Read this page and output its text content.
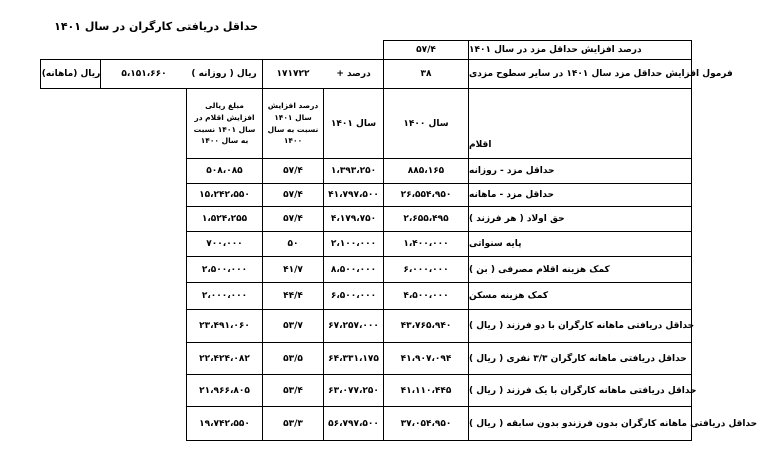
حداقل دریافتی کارگران در سال ۱۴۰۱
درصد افزایش حداقل مزد در سال ۱۴۰۱
۵۷/۴
فرمول افزایش حداقل مزد سال ۱۴۰۱ در سایر سطوح مزدی
۳۸
درصد +
۱۷۱۷۲۲
ریال ( روزانه )
۵،۱۵۱،۶۶۰
ریال (ماهانه)
اقلام
سال ۱۴۰۰
سال ۱۴۰۱
درصد افزایش سال ۱۴۰۱ نسبت به سال ۱۴۰۰
مبلغ ریالی افزایش اقلام در سال ۱۴۰۱ نسبت به سال ۱۴۰۰
حداقل مزد - روزانه
۸۸۵،۱۶۵
۱،۳۹۳،۲۵۰
۵۷/۴
۵۰۸،۰۸۵
حداقل مزد - ماهانه
۲۶،۵۵۴،۹۵۰
۴۱،۷۹۷،۵۰۰
۵۷/۴
۱۵،۲۴۲،۵۵۰
حق اولاد ( هر فرزند )
۲،۶۵۵،۴۹۵
۴،۱۷۹،۷۵۰
۵۷/۴
۱،۵۲۴،۲۵۵
پایه سنواتی
۱،۴۰۰،۰۰۰
۲،۱۰۰،۰۰۰
۵۰
۷۰۰،۰۰۰
کمک هزینه اقلام مصرفی ( بن )
۶،۰۰۰،۰۰۰
۸،۵۰۰،۰۰۰
۴۱/۷
۲،۵۰۰،۰۰۰
کمک هزینه مسکن
۴،۵۰۰،۰۰۰
۶،۵۰۰،۰۰۰
۴۴/۴
۲،۰۰۰،۰۰۰
حداقل دریافتی ماهانه کارگران با دو فرزند ( ریال )
۴۳،۷۶۵،۹۴۰
۶۷،۲۵۷،۰۰۰
۵۳/۷
۲۳،۴۹۱،۰۶۰
حداقل دریافتی ماهانه کارگران ۳/۳ نفری ( ریال )
۴۱،۹۰۷،۰۹۴
۶۴،۳۳۱،۱۷۵
۵۳/۵
۲۲،۴۲۴،۰۸۲
حداقل دریافتی ماهانه کارگران با یک فرزند ( ریال )
۴۱،۱۱۰،۴۴۵
۶۳،۰۷۷،۲۵۰
۵۳/۴
۲۱،۹۶۶،۸۰۵
حداقل دریافتی ماهانه کارگران بدون فرزندو بدون سابقه ( ریال )
۳۷،۰۵۴،۹۵۰
۵۶،۷۹۷،۵۰۰
۵۳/۳
۱۹،۷۴۲،۵۵۰
